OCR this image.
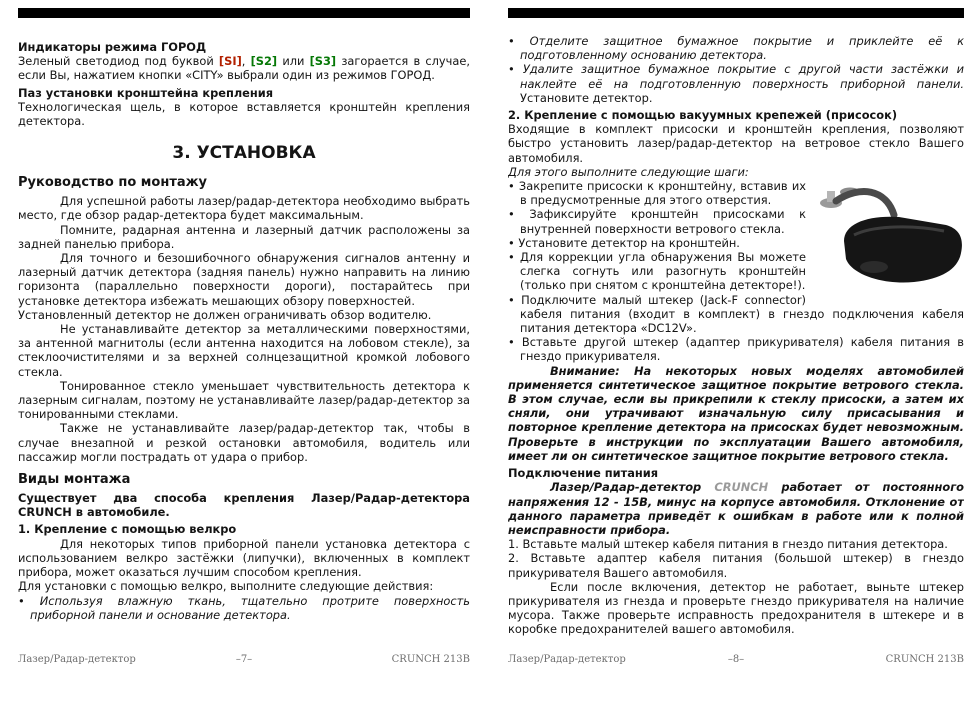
Индикаторы режима ГОРОД

Зеленый светодиод под буквой [SI], [S2] или [S3] загорается в случае, если Вы, нажатием кнопки «CITY» выбрали один из режимов ГОРОД.

Паз установки кронштейна крепления

Технологическая щель, в которое вставляется кронштейн крепления детектора.

3. УСТАНОВКА
Руководство по монтажу

Для успешной работы лазер/радар-детектора необходимо выбрать место, где обзор радар-детектора будет максимальным.

Помните, радарная антенна и лазерный датчик расположены за задней панелью прибора.

Для точного и безошибочного обнаружения сигналов антенну и лазерный датчик детектора (задняя панель) нужно направить на линию горизонта (параллельно поверхности дороги), постарайтесь при установке детектора избежать мешающих обзору поверхностей.

Установленный детектор не должен ограничивать обзор водителю.

Не устанавливайте детектор за металлическими поверхностями, за антенной магнитолы (если антенна находится на лобовом стекле), за стеклоочистителями и за верхней солнцезащитной кромкой лобового стекла.

Тонированное стекло уменьшает чувствительность детектора к лазерным сигналам, поэтому не устанавливайте лазер/радар-детектор за тонированными стеклами.

Также не устанавливайте лазер/радар-детектор так, чтобы в случае внезапной и резкой остановки автомобиля, водитель или пассажир могли пострадать от удара о прибор.

Виды монтажа

Существует два способа крепления Лазер/Радар-детектора CRUNCH в автомобиле.

1. Крепление с помощью велкро

Для некоторых типов приборной панели установка детектора с использованием велкро застёжки (липучки), включенных в комплект прибора, может оказаться лучшим способом крепления.

Для установки с помощью велкро, выполните следующие действия:

• Используя влажную ткань, тщательно протрите поверхность приборной панели и основание детектора.

Лазер/Радар-детектор	–7–	CRUNCH 213B

• Отделите защитное бумажное покрытие и приклейте её к подготовленному основанию детектора.

• Удалите защитное бумажное покрытие с другой части застёжки и наклейте её на подготовленную поверхность приборной панели. Установите детектор.

2. Крепление с помощью вакуумных крепежей (присосок)

Входящие в комплект присоски и кронштейн крепления, позволяют быстро установить лазер/радар-детектор на ветровое стекло Вашего автомобиля.

Для этого выполните следующие шаги:

• Закрепите присоски к кронштейну, вставив их в предусмотренные для этого отверстия.

• Зафиксируйте кронштейн присосками к внутренней поверхности ветрового стекла.

• Установите детектор на кронштейн.

• Для коррекции угла обнаружения Вы можете слегка согнуть или разогнуть кронштейн (только при снятом с кронштейна детекторе!).

• Подключите малый штекер (Jack-F connector) кабеля питания (входит в комплект) в гнездо подключения кабеля питания детектора «DC12V».

• Вставьте другой штекер (адаптер прикуривателя) кабеля питания в гнездо прикуривателя.

Внимание: На некоторых новых моделях автомобилей применяется синтетическое защитное покрытие ветрового стекла. В этом случае, если вы прикрепили к стеклу присоски, а затем их сняли, они утрачивают изначальную силу присасывания и повторное крепление детектора на присосках будет невозможным. Проверьте в инструкции по эксплуатации Вашего автомобиля, имеет ли он синтетическое защитное покрытие ветрового стекла.

Подключение питания

Лазер/Радар-детектор CRUNCH работает от постоянного напряжения 12 - 15В, минус на корпусе автомобиля. Отклонение от данного параметра приведёт к ошибкам в работе или к полной неисправности прибора.

1. Вставьте малый штекер кабеля питания в гнездо питания детектора.

2. Вставьте адаптер кабеля питания (большой штекер) в гнездо прикуривателя Вашего автомобиля.

Если после включения, детектор не работает, выньте штекер прикуривателя из гнезда и проверьте гнездо прикуривателя на наличие мусора. Также проверьте исправность предохранителя в штекере и в коробке предохранителей вашего автомобиля.

Лазер/Радар-детектор	–8–	CRUNCH 213B
